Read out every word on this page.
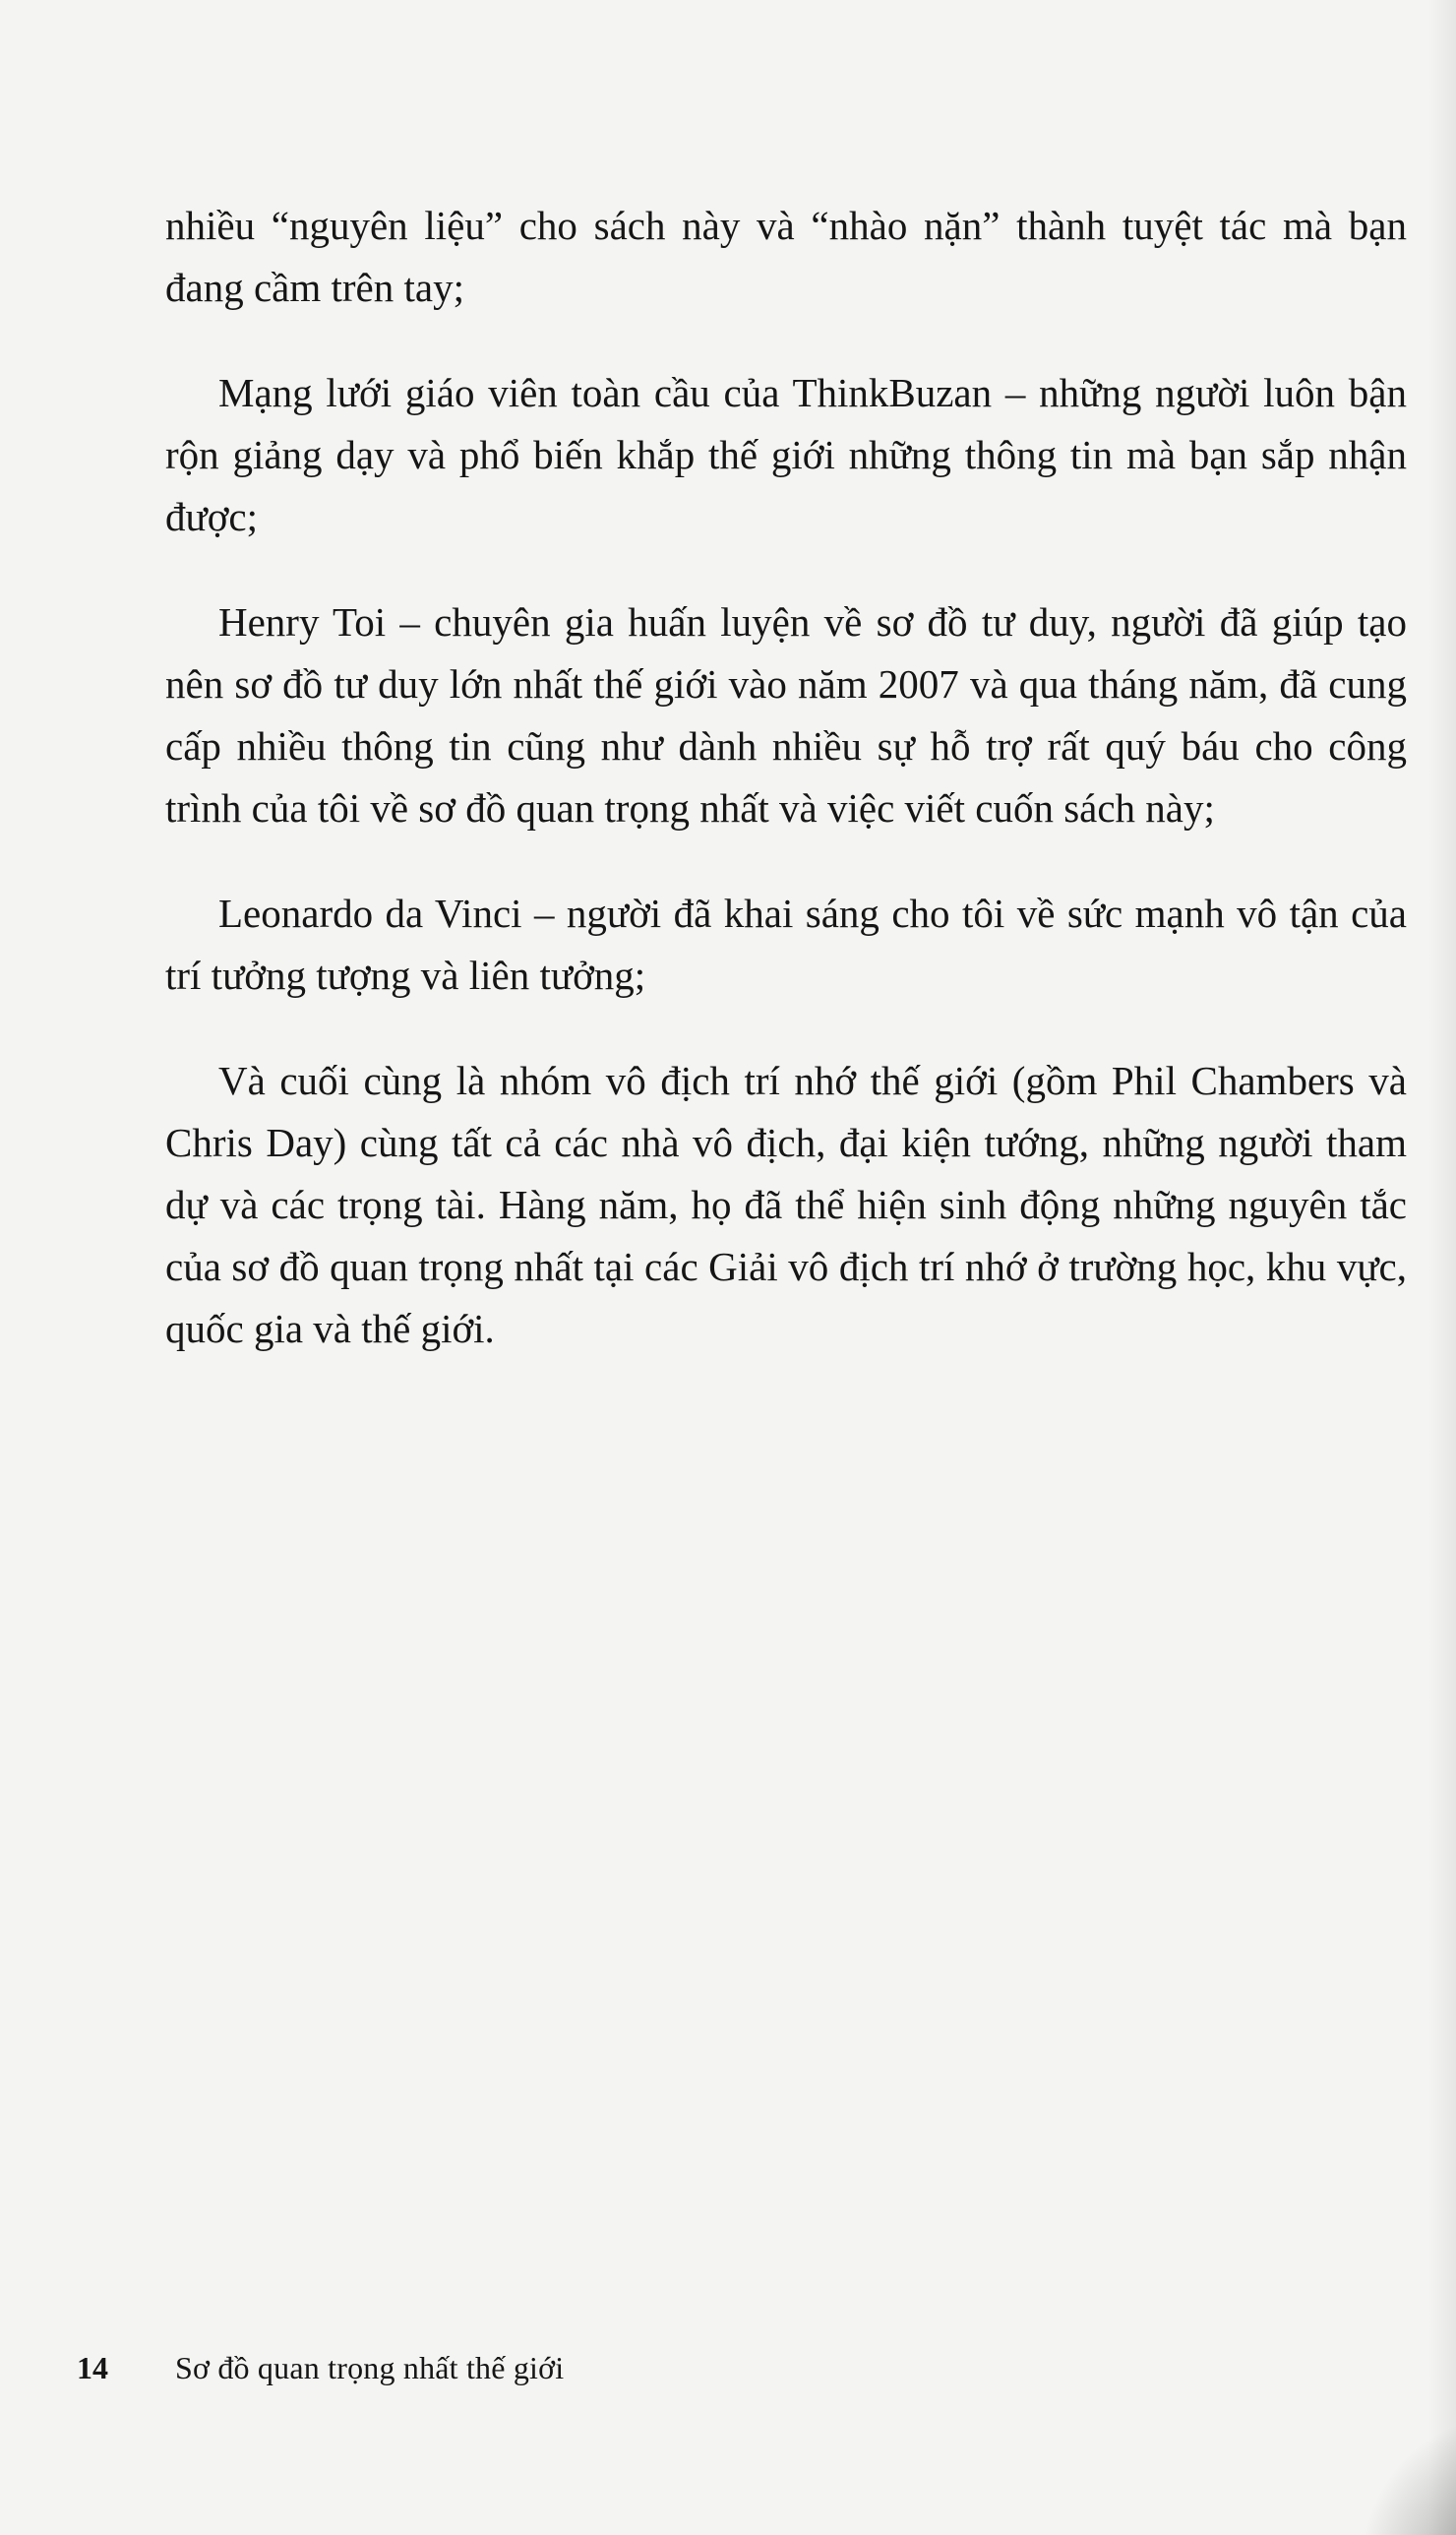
nhiều “nguyên liệu” cho sách này và “nhào nặn” thành tuyệt tác mà bạn đang cầm trên tay;

Mạng lưới giáo viên toàn cầu của ThinkBuzan – những người luôn bận rộn giảng dạy và phổ biến khắp thế giới những thông tin mà bạn sắp nhận được;

Henry Toi – chuyên gia huấn luyện về sơ đồ tư duy, người đã giúp tạo nên sơ đồ tư duy lớn nhất thế giới vào năm 2007 và qua tháng năm, đã cung cấp nhiều thông tin cũng như dành nhiều sự hỗ trợ rất quý báu cho công trình của tôi về sơ đồ quan trọng nhất và việc viết cuốn sách này;

Leonardo da Vinci – người đã khai sáng cho tôi về sức mạnh vô tận của trí tưởng tượng và liên tưởng;

Và cuối cùng là nhóm vô địch trí nhớ thế giới (gồm Phil Chambers và Chris Day) cùng tất cả các nhà vô địch, đại kiện tướng, những người tham dự và các trọng tài. Hàng năm, họ đã thể hiện sinh động những nguyên tắc của sơ đồ quan trọng nhất tại các Giải vô địch trí nhớ ở trường học, khu vực, quốc gia và thế giới.

14	Sơ đồ quan trọng nhất thế giới
